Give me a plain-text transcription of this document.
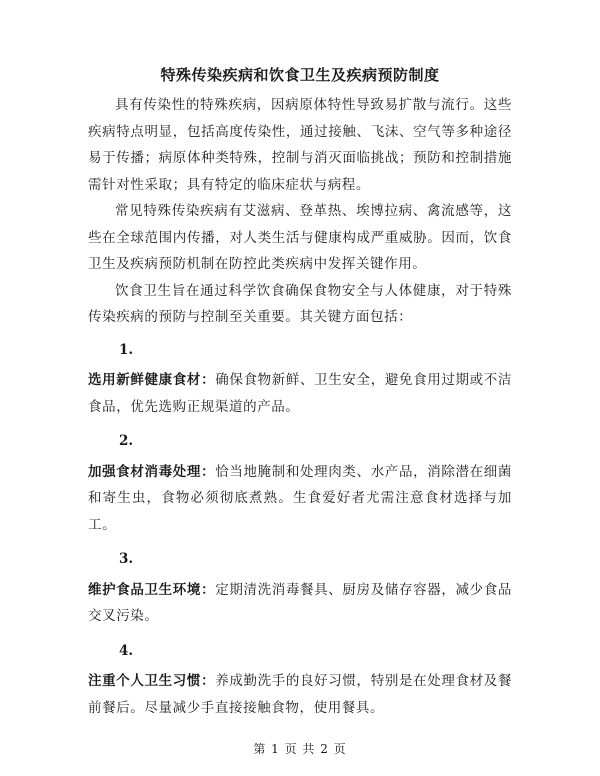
特殊传染疾病和饮食卫生及疾病预防制度

具有传染性的特殊疾病，因病原体特性导致易扩散与流行。这些疾病特点明显，包括高度传染性，通过接触、飞沫、空气等多种途径易于传播；病原体种类特殊，控制与消灭面临挑战；预防和控制措施需针对性采取；具有特定的临床症状与病程。

常见特殊传染疾病有艾滋病、登革热、埃博拉病、禽流感等，这些在全球范围内传播，对人类生活与健康构成严重威胁。因而，饮食卫生及疾病预防机制在防控此类疾病中发挥关键作用。

饮食卫生旨在通过科学饮食确保食物安全与人体健康，对于特殊传染疾病的预防与控制至关重要。其关键方面包括：

1.

选用新鲜健康食材：确保食物新鲜、卫生安全，避免食用过期或不洁食品，优先选购正规渠道的产品。

2.

加强食材消毒处理：恰当地腌制和处理肉类、水产品，消除潜在细菌和寄生虫，食物必须彻底煮熟。生食爱好者尤需注意食材选择与加工。

3.

维护食品卫生环境：定期清洗消毒餐具、厨房及储存容器，减少食品交叉污染。

4.

注重个人卫生习惯：养成勤洗手的良好习惯，特别是在处理食材及餐前餐后。尽量减少手直接接触食物，使用餐具。

第 1 页 共 2 页
